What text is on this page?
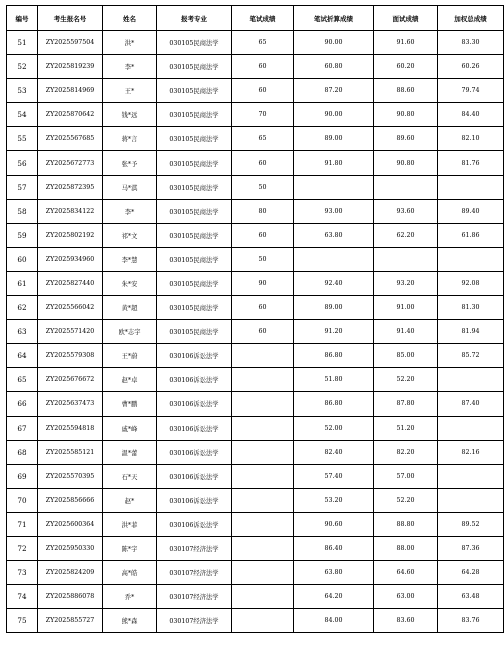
编号	考生报名号	姓名	报考专业	笔试成绩	笔试折算成绩	面试成绩	加权总成绩
51	ZY2025597504	洪*	030105民商法学	65	90.00	91.60	83.30
52	ZY2025819239	李*	030105民商法学	60	60.80	60.20	60.26
53	ZY2025814969	王*	030105民商法学	60	87.20	88.60	79.74
54	ZY2025870642	钱*远	030105民商法学	70	90.00	90.80	84.40
55	ZY2025567685	蒋*言	030105民商法学	65	89.00	89.60	82.10
56	ZY2025672773	张*予	030105民商法学	60	91.80	90.80	81.76
57	ZY2025872395	马*淇	030105民商法学	50			
58	ZY2025834122	李*	030105民商法学	80	93.00	93.60	89.40
59	ZY2025802192	祁*文	030105民商法学	60	63.80	62.20	61.86
60	ZY2025934960	李*慧	030105民商法学	50			
61	ZY2025827440	朱*安	030105民商法学	90	92.40	93.20	92.08
62	ZY2025566042	黄*超	030105民商法学	60	89.00	91.00	81.30
63	ZY2025571420	欧*志宇	030105民商法学	60	91.20	91.40	81.94
64	ZY2025579308	王*蔚	030106诉讼法学		86.80	85.00	85.72
65	ZY2025676672	赵*卓	030106诉讼法学		51.80	52.20	
66	ZY2025637473	曹*鹏	030106诉讼法学		86.80	87.80	87.40
67	ZY2025594818	戚*峰	030106诉讼法学		52.00	51.20	
68	ZY2025585121	温*蕾	030106诉讼法学		82.40	82.20	82.16
69	ZY2025570395	石*天	030106诉讼法学		57.40	57.00	
70	ZY2025856666	赵*	030106诉讼法学		53.20	52.20	
71	ZY2025600364	洪*菲	030106诉讼法学		90.60	88.80	89.52
72	ZY2025950330	陈*宇	030107经济法学		86.40	88.00	87.36
73	ZY2025824209	高*皓	030107经济法学		63.80	64.60	64.28
74	ZY2025886078	乔*	030107经济法学		64.20	63.00	63.48
75	ZY2025855727	熊*森	030107经济法学		84.00	83.60	83.76
